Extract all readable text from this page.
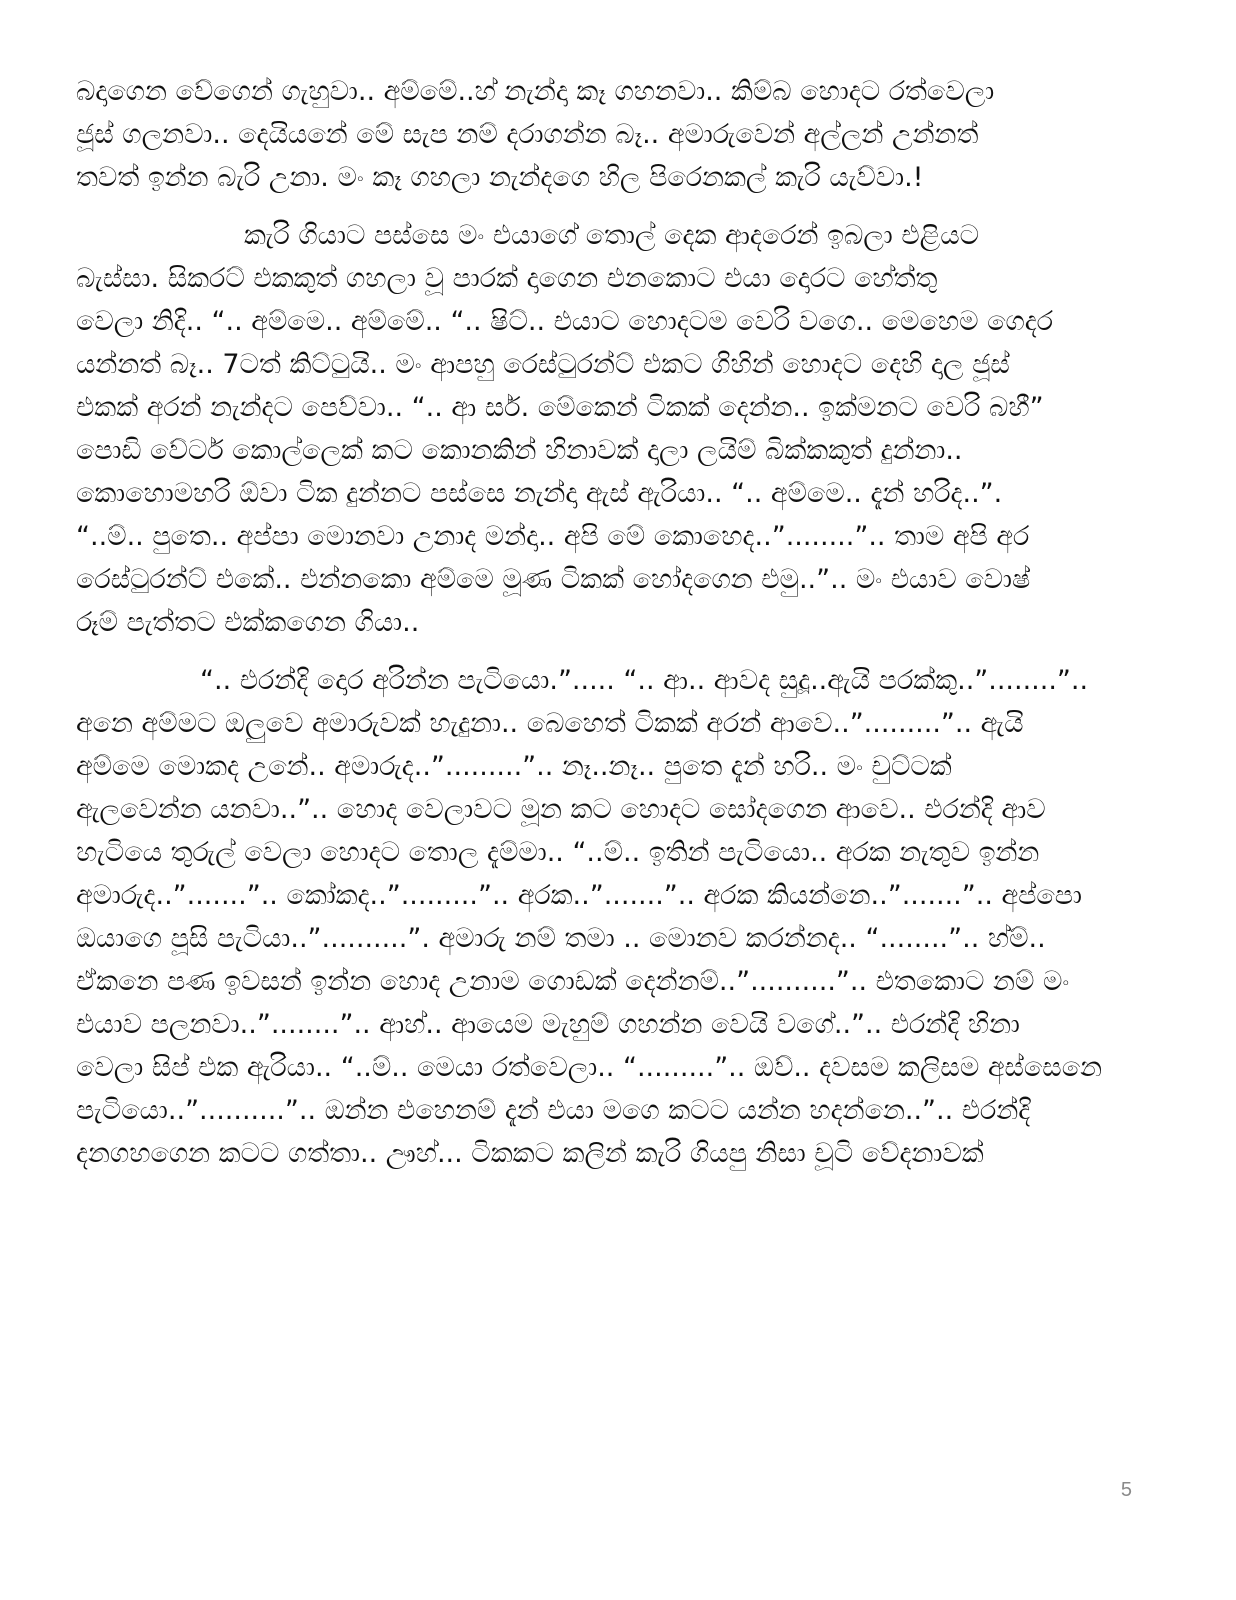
බදාගෙන වේගෙන් ගැහුවා.. අම්මේ..හ් නැන්දා කෑ ගහනවා.. කිම්බ හොදට රත්වෙලා
ජූස් ගලනවා.. දෙයියනේ මේ සැප නම් දරාගන්න බෑ.. අමාරුවෙන් අල්ලන් උන්නත්
තවත් ඉන්න බැරි උනා. මං කෑ ගහලා නැන්දගෙ හිල පිරෙනකල් කැරි යැව්වා.!
කැරි ගියාට පස්සෙ මං එයාගේ තොල් දෙක ආදරෙන් ඉබලා එළියට
බැස්සා. සිකරට් එකකුත් ගහලා වූ පාරක් දාගෙන එනකොට එයා දොරට හේත්තු
වෙලා නිදි.. “.. අම්මෙ.. අම්මේ.. “.. ෂිට්.. එයාට හොදටම වෙරි වගෙ.. මෙහෙම ගෙදර
යන්නත් බෑ.. 7ටත් කිට්ටුයි.. මං ආපහු රෙස්ටුරන්ට් එකට ගිහින් හොදට දෙහි දාල ජූස්
එකක් අරන් නැන්දට පෙව්වා.. “.. ආ සර්. මේකෙන් ටිකක් දෙන්න.. ඉක්මනට වෙරි බහී”
පොඩි වේටර් කොල්ලෙක් කට කොනකින් හිනාවක් දාලා ලයිම් බික්කකුත් දුන්නා..
කොහොමහරි ඕවා ටික දුන්නට පස්සෙ නැන්දා ඇස් ඇරියා.. “.. අම්මෙ.. දැන් හරිද..”.
“..ම්.. පුතෙ.. අප්පා මොනවා උනාද මන්දා.. අපි මේ කොහෙද..”........”.. තාම අපි අර
රෙස්ටුරන්ට් එකේ.. එන්නකො අම්මෙ මූණ ටිකක් හෝදගෙන එමු..”.. මං එයාව වොෂ්
රූම් පැත්තට එක්කගෙන ගියා..
“.. එරන්දි දොර අරින්න පැටියො.”..... “.. ආ.. ආවද සුදූ..ඇයි පරක්කු..”........”..
අනෙ අම්මට ඔලුවෙ අමාරුවක් හැදුනා.. බෙහෙත් ටිකක් අරන් ආවෙ..”.........”.. ඇයි
අම්මෙ මොකද උනේ.. අමාරුද..”.........”.. නෑ..නෑ.. පුතෙ දැන් හරි.. මං චුට්ටක්
ඇලවෙන්න යනවා..”.. හොද වෙලාවට මූන කට හොදට සෝදගෙන ආවෙ.. එරන්දි ආව
හැටියෙ තුරුල් වෙලා හොදට තොල දැම්මා.. “..ම්.. ඉතින් පැටියො.. අරක නැතුව ඉන්න
අමාරුද..”.......”.. කෝකද..”.........”.. අරක..”.......”.. අරක කියන්නෙ..”.......”.. අප්පො
ඔයාගෙ පූසි පැටියා..”..........”. අමාරු නම් තමා .. මොනව කරන්නද.. “........”.. හ්ම්..
ඒකනෙ පණ ඉවසන් ඉන්න හොද උනාම ගොඩක් දෙන්නම්..”..........”.. එතකොට නම් මං
එයාව පලනවා..”........”.. ආහ්.. ආයෙම මැහුම් ගහන්න වෙයි වගේ..”.. එරන්දි හිනා
වෙලා සිප් එක ඇරියා.. “..ම්.. මෙයා රත්වෙලා.. “.........”.. ඔව්.. දවසම කලිසම අස්සෙනෙ
පැටියො..”..........”.. ඔන්න එහෙනම් දැන් එයා මගෙ කටට යන්න හදන්නෙ..”.. එරන්දි
දනගහගෙන කටට ගත්තා.. ඌහ්... ටිකකට කලින් කැරි ගියපු නිසා චූටි වේදනාවක්
5
